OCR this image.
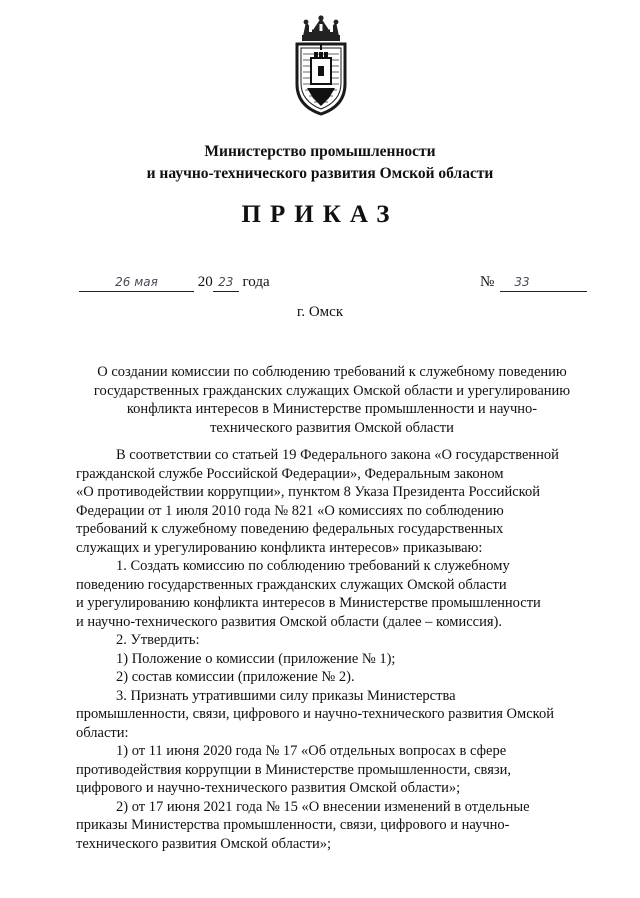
Министерство промышленности
и научно-технического развития Омской области
ПРИКАЗ
26 мая	20 23 года	№ 33
г. Омск
О создании комиссии по соблюдению требований к служебному поведению
государственных гражданских служащих Омской области и урегулированию
конфликта интересов в Министерстве промышленности и научно-
технического развития Омской области
В соответствии со статьей 19 Федерального закона «О государственной
гражданской службе Российской Федерации», Федеральным законом
«О противодействии коррупции», пунктом 8 Указа Президента Российской
Федерации от 1 июля 2010 года № 821 «О комиссиях по соблюдению
требований к служебному поведению федеральных государственных
служащих и урегулированию конфликта интересов» приказываю:
1. Создать комиссию по соблюдению требований к служебному
поведению государственных гражданских служащих Омской области
и урегулированию конфликта интересов в Министерстве промышленности
и научно-технического развития Омской области (далее – комиссия).
2. Утвердить:
1) Положение о комиссии (приложение № 1);
2) состав комиссии (приложение № 2).
3. Признать утратившими силу приказы Министерства
промышленности, связи, цифрового и научно-технического развития Омской
области:
1) от 11 июня 2020 года № 17 «Об отдельных вопросах в сфере
противодействия коррупции в Министерстве промышленности, связи,
цифрового и научно-технического развития Омской области»;
2) от 17 июня 2021 года № 15 «О внесении изменений в отдельные
приказы Министерства промышленности, связи, цифрового и научно-
технического развития Омской области»;
